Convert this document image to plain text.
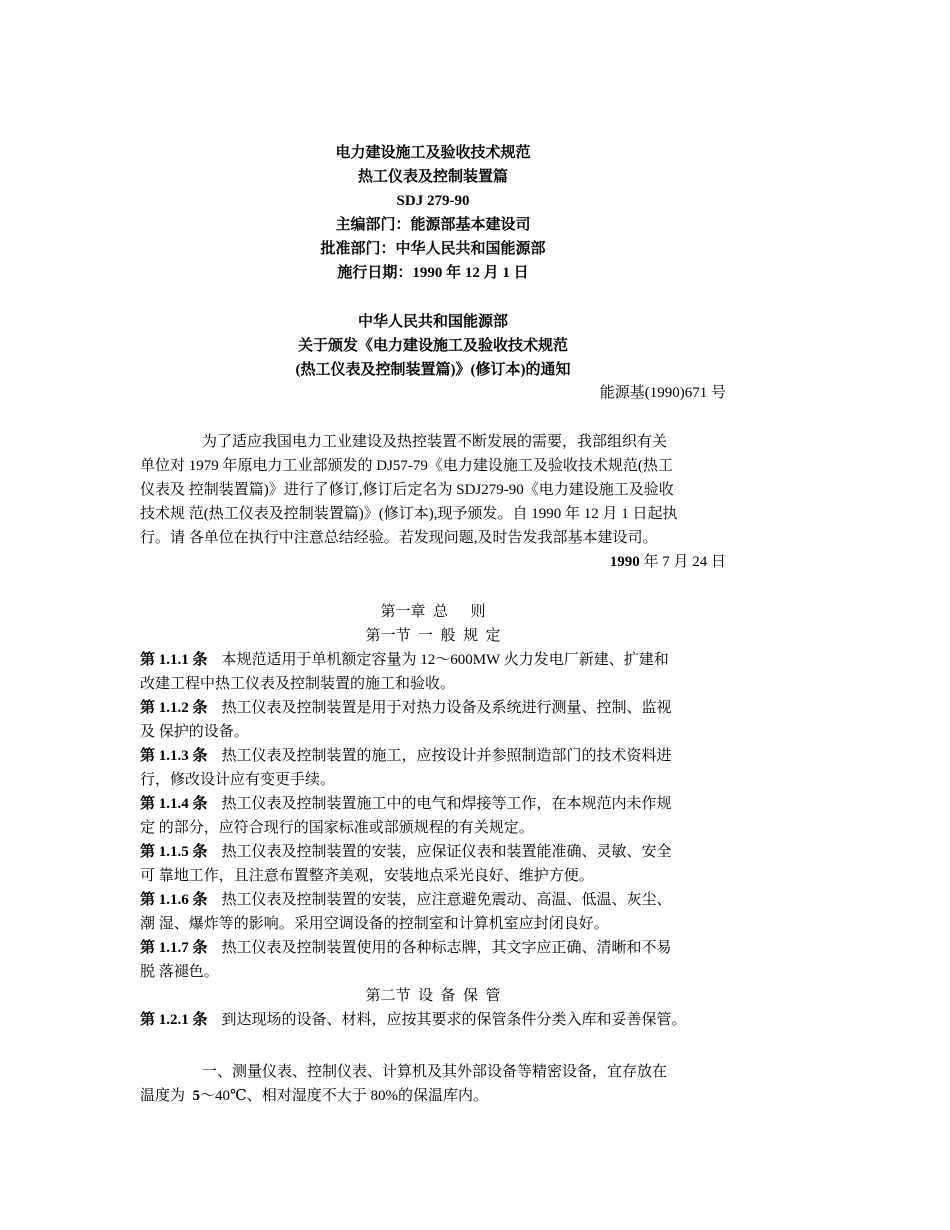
电力建设施工及验收技术规范
热工仪表及控制装置篇
SDJ 279-90
主编部门：能源部基本建设司
批准部门：中华人民共和国能源部
施行日期：1990 年 12 月 1 日
中华人民共和国能源部
关于颁发《电力建设施工及验收技术规范
(热工仪表及控制装置篇)》(修订本)的通知

能源基(1990)671 号

为了适应我国电力工业建设及热控装置不断发展的需要，我部组织有关

单位对 1979 年原电力工业部颁发的 DJ57-79《电力建设施工及验收技术规范(热工

仪表及 控制装置篇)》进行了修订,修订后定名为 SDJ279-90《电力建设施工及验收

技术规 范(热工仪表及控制装置篇)》(修订本),现予颁发。自 1990 年 12 月 1 日起执

行。请 各单位在执行中注意总结经验。若发现问题,及时告发我部基本建设司。

1990 年 7 月 24 日

第一章  总      则

第一节  一  般  规  定

第 1.1.1 条 本规范适用于单机额定容量为 12～600MW 火力发电厂新建、扩建和

改建工程中热工仪表及控制装置的施工和验收。

第 1.1.2 条 热工仪表及控制装置是用于对热力设备及系统进行测量、控制、监视

及 保护的设备。

第 1.1.3 条 热工仪表及控制装置的施工，应按设计并参照制造部门的技术资料进

行，修改设计应有变更手续。

第 1.1.4 条 热工仪表及控制装置施工中的电气和焊接等工作，在本规范内未作规

定 的部分，应符合现行的国家标准或部颁规程的有关规定。

第 1.1.5 条 热工仪表及控制装置的安装，应保证仪表和装置能准确、灵敏、安全

可 靠地工作，且注意布置整齐美观，安装地点采光良好、维护方便。

第 1.1.6 条 热工仪表及控制装置的安装，应注意避免震动、高温、低温、灰尘、

潮 湿、爆炸等的影响。采用空调设备的控制室和计算机室应封闭良好。

第 1.1.7 条 热工仪表及控制装置使用的各种标志牌，其文字应正确、清晰和不易

脱 落褪色。

第二节  设  备  保  管

第 1.2.1 条 到达现场的设备、材料，应按其要求的保管条件分类入库和妥善保管。

一、测量仪表、控制仪表、计算机及其外部设备等精密设备，宜存放在

温度为  5～40℃、相对湿度不大于 80%的保温库内。
